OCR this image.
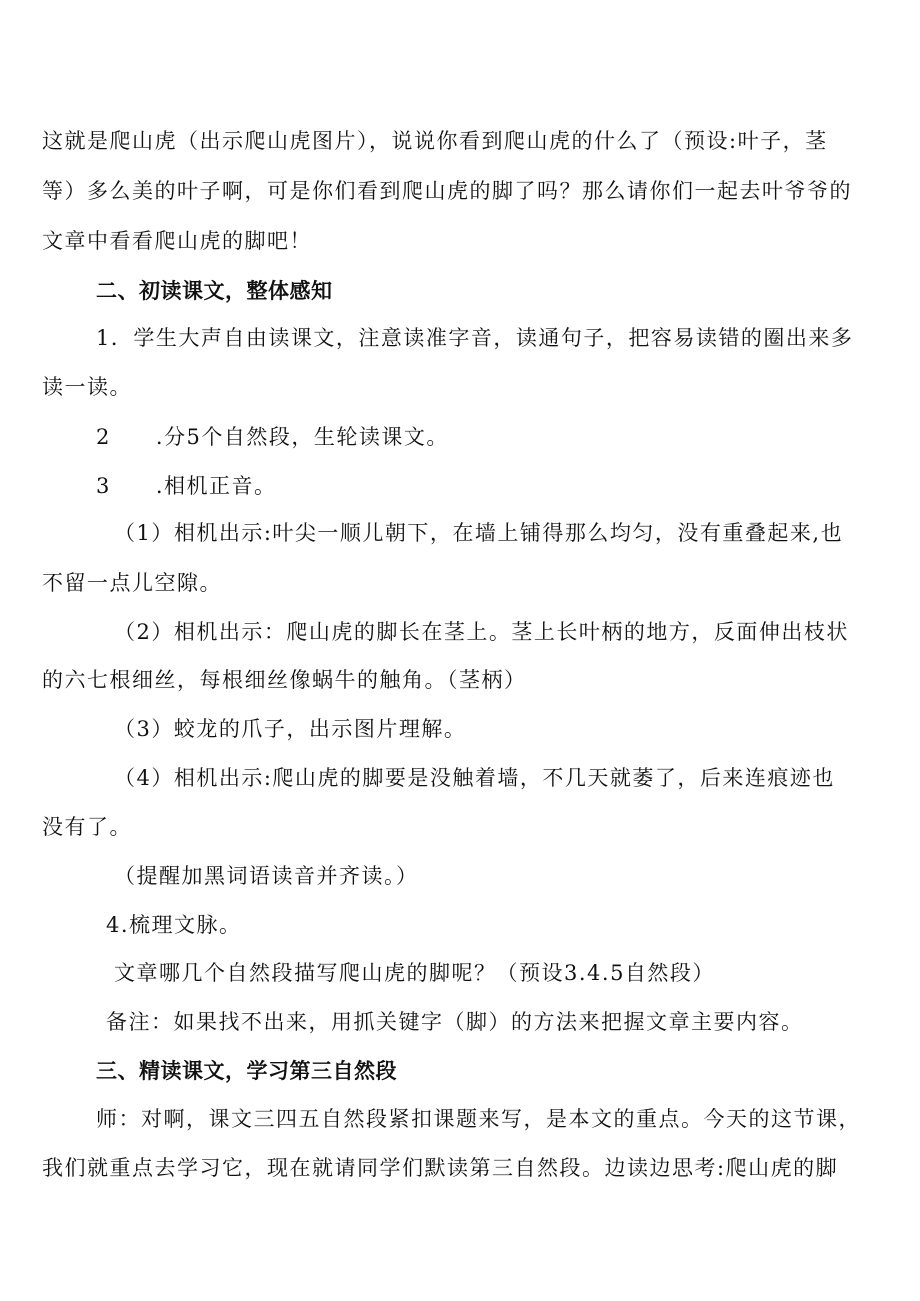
这就是爬山虎（出示爬山虎图片），说说你看到爬山虎的什么了（预设:叶子，茎
等）多么美的叶子啊，可是你们看到爬山虎的脚了吗？那么请你们一起去叶爷爷的
文章中看看爬山虎的脚吧！
二、初读课文，整体感知
1．学生大声自由读课文，注意读准字音，读通句子，把容易读错的圈出来多
读一读。
2　　.分5个自然段，生轮读课文。
3　　.相机正音。
（1）相机出示:叶尖一顺儿朝下，在墙上铺得那么均匀，没有重叠起来,也
不留一点儿空隙。
（2）相机出示：爬山虎的脚长在茎上。茎上长叶柄的地方，反面伸出枝状
的六七根细丝，每根细丝像蜗牛的触角。（茎柄）
（3）蛟龙的爪子，出示图片理解。
（4）相机出示:爬山虎的脚要是没触着墙，不几天就萎了，后来连痕迹也
没有了。
（提醒加黑词语读音并齐读。）
4.梳理文脉。
文章哪几个自然段描写爬山虎的脚呢？（预设3.4.5自然段）
备注：如果找不出来，用抓关键字（脚）的方法来把握文章主要内容。
三、精读课文，学习第三自然段
师：对啊，课文三四五自然段紧扣课题来写，是本文的重点。今天的这节课，
我们就重点去学习它，现在就请同学们默读第三自然段。边读边思考:爬山虎的脚
